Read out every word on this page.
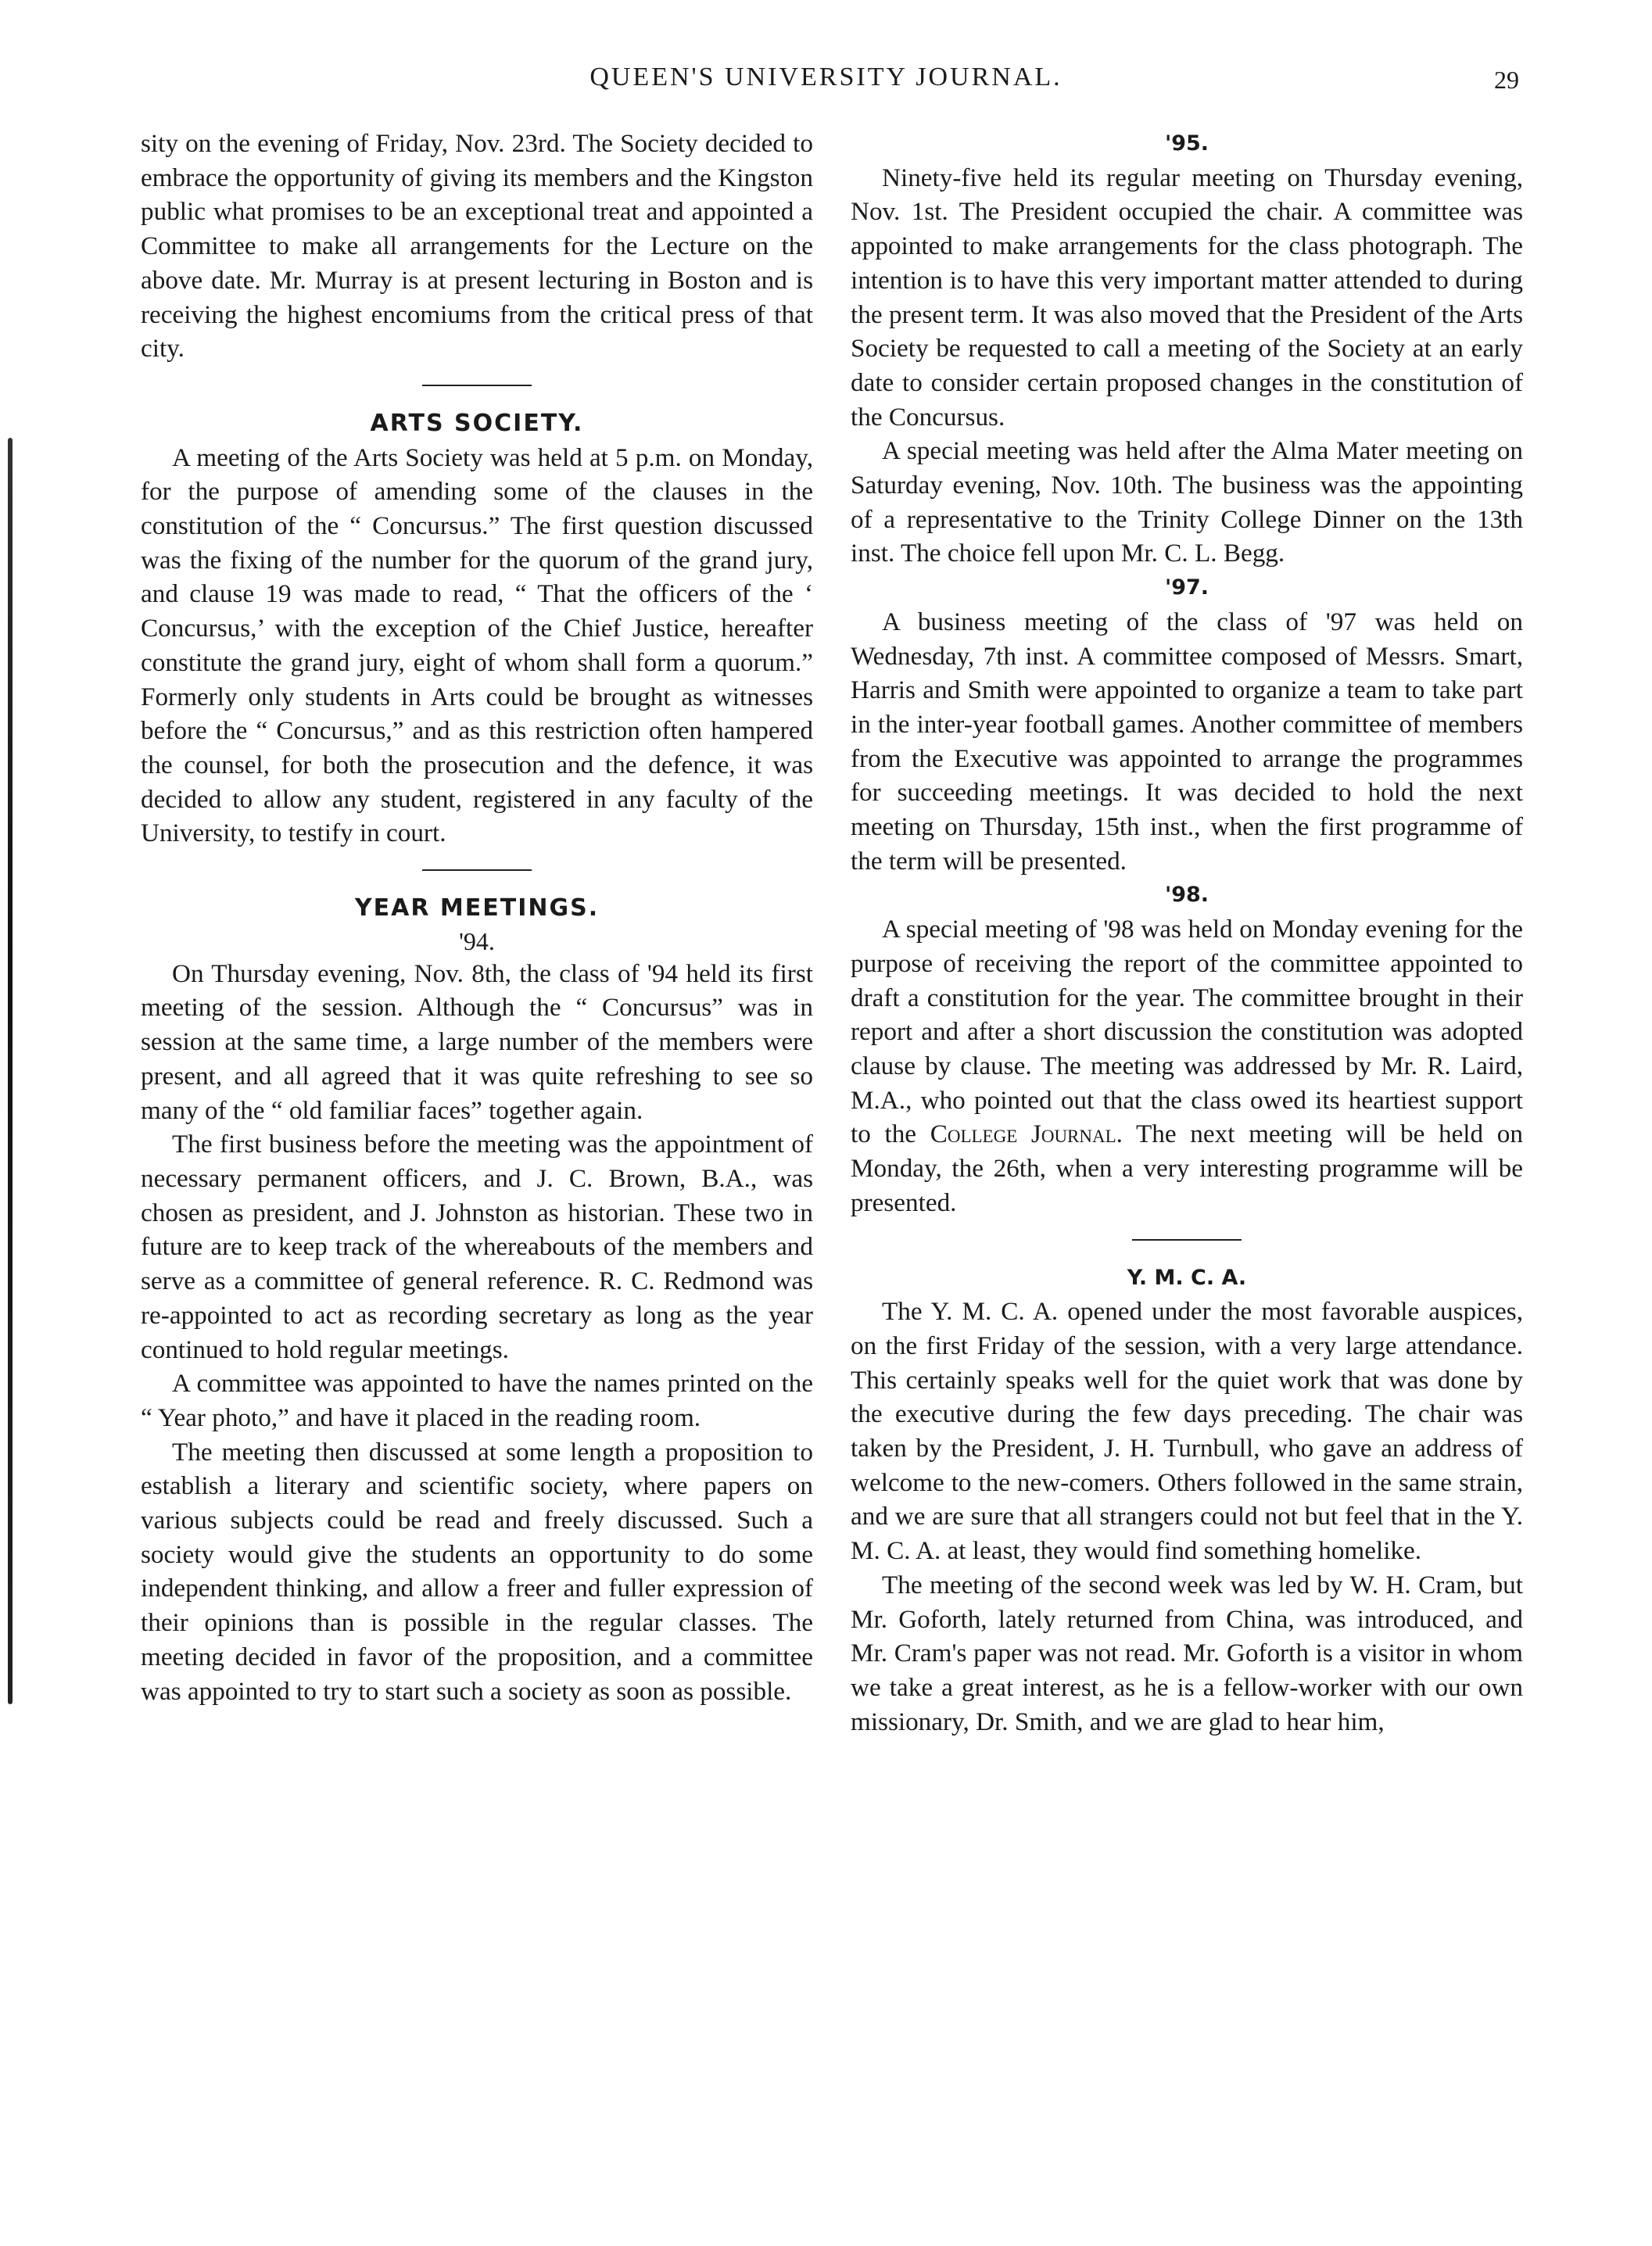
QUEEN'S UNIVERSITY JOURNAL.	29

sity on the evening of Friday, Nov. 23rd. The Society decided to embrace the opportunity of giving its members and the Kingston public what promises to be an exceptional treat and appointed a Committee to make all arrangements for the Lecture on the above date. Mr. Murray is at present lecturing in Boston and is receiving the highest encomiums from the critical press of that city.

ARTS SOCIETY.

A meeting of the Arts Society was held at 5 p.m. on Monday, for the purpose of amending some of the clauses in the constitution of the “ Concursus.” The first question discussed was the fixing of the number for the quorum of the grand jury, and clause 19 was made to read, “ That the officers of the ‘ Concursus,’ with the exception of the Chief Justice, hereafter constitute the grand jury, eight of whom shall form a quorum.” Formerly only students in Arts could be brought as witnesses before the “ Concursus,” and as this restriction often hampered the counsel, for both the prosecution and the defence, it was decided to allow any student, registered in any faculty of the University, to testify in court.

YEAR MEETINGS.
'94.

On Thursday evening, Nov. 8th, the class of '94 held its first meeting of the session. Although the “ Concursus” was in session at the same time, a large number of the members were present, and all agreed that it was quite refreshing to see so many of the “ old familiar faces” together again.

The first business before the meeting was the appointment of necessary permanent officers, and J. C. Brown, B.A., was chosen as president, and J. Johnston as historian. These two in future are to keep track of the whereabouts of the members and serve as a committee of general reference. R. C. Redmond was re-appointed to act as recording secretary as long as the year continued to hold regular meetings.

A committee was appointed to have the names printed on the “ Year photo,” and have it placed in the reading room.

The meeting then discussed at some length a proposition to establish a literary and scientific society, where papers on various subjects could be read and freely discussed. Such a society would give the students an opportunity to do some independent thinking, and allow a freer and fuller expression of their opinions than is possible in the regular classes. The meeting decided in favor of the proposition, and a committee was appointed to try to start such a society as soon as possible.

'95.

Ninety-five held its regular meeting on Thursday evening, Nov. 1st. The President occupied the chair. A committee was appointed to make arrangements for the class photograph. The intention is to have this very important matter attended to during the present term. It was also moved that the President of the Arts Society be requested to call a meeting of the Society at an early date to consider certain proposed changes in the constitution of the Concursus.

A special meeting was held after the Alma Mater meeting on Saturday evening, Nov. 10th. The business was the appointing of a representative to the Trinity College Dinner on the 13th inst. The choice fell upon Mr. C. L. Begg.

'97.

A business meeting of the class of '97 was held on Wednesday, 7th inst. A committee composed of Messrs. Smart, Harris and Smith were appointed to organize a team to take part in the inter-year football games. Another committee of members from the Executive was appointed to arrange the programmes for succeeding meetings. It was decided to hold the next meeting on Thursday, 15th inst., when the first programme of the term will be presented.

'98.

A special meeting of '98 was held on Monday evening for the purpose of receiving the report of the committee appointed to draft a constitution for the year. The committee brought in their report and after a short discussion the constitution was adopted clause by clause. The meeting was addressed by Mr. R. Laird, M.A., who pointed out that the class owed its heartiest support to the College Journal. The next meeting will be held on Monday, the 26th, when a very interesting programme will be presented.

Y. M. C. A.

The Y. M. C. A. opened under the most favorable auspices, on the first Friday of the session, with a very large attendance. This certainly speaks well for the quiet work that was done by the executive during the few days preceding. The chair was taken by the President, J. H. Turnbull, who gave an address of welcome to the new-comers. Others followed in the same strain, and we are sure that all strangers could not but feel that in the Y. M. C. A. at least, they would find something homelike.

The meeting of the second week was led by W. H. Cram, but Mr. Goforth, lately returned from China, was introduced, and Mr. Cram's paper was not read. Mr. Goforth is a visitor in whom we take a great interest, as he is a fellow-worker with our own missionary, Dr. Smith, and we are glad to hear him,
